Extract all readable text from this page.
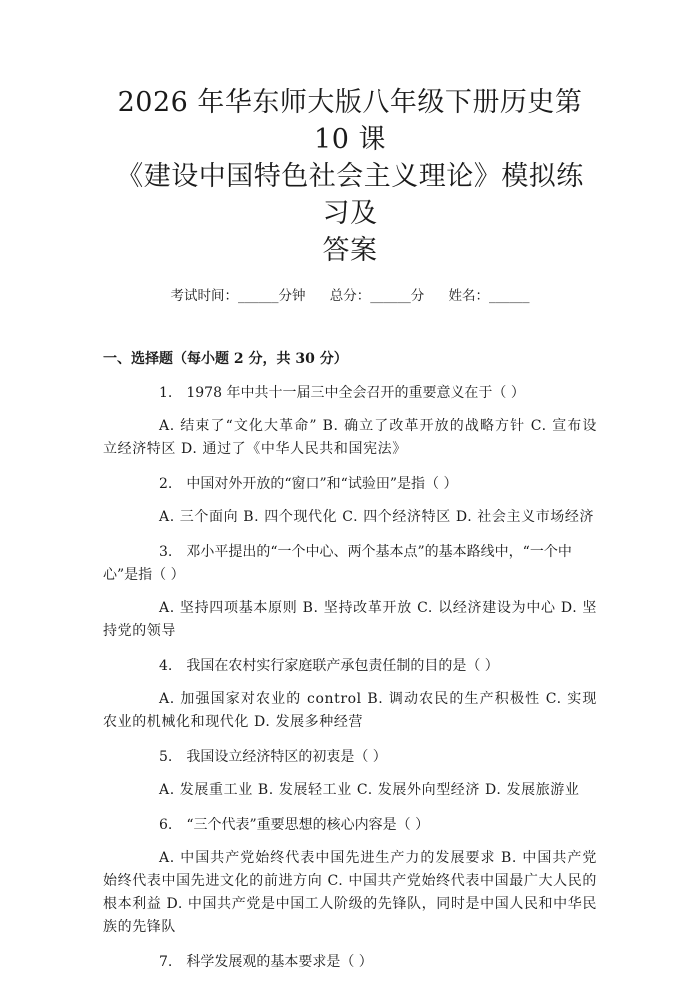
2026 年华东师大版八年级下册历史第 10 课
《建设中国特色社会主义理论》模拟练习及
答案
考试时间：______分钟 总分：______分 姓名：______
一、选择题（每小题 2 分，共 30 分）
1. 1978 年中共十一届三中全会召开的重要意义在于（ ）
A. 结束了“文化大革命” B. 确立了改革开放的战略方针 C. 宣布设立经济特区 D. 通过了《中华人民共和国宪法》
2. 中国对外开放的“窗口”和“试验田”是指（ ）
A. 三个面向 B. 四个现代化 C. 四个经济特区 D. 社会主义市场经济
3. 邓小平提出的“一个中心、两个基本点”的基本路线中，“一个中心”是指（ ）
A. 坚持四项基本原则 B. 坚持改革开放 C. 以经济建设为中心 D. 坚持党的领导
4. 我国在农村实行家庭联产承包责任制的目的是（ ）
A. 加强国家对农业的 control B. 调动农民的生产积极性 C. 实现农业的机械化和现代化 D. 发展多种经营
5. 我国设立经济特区的初衷是（ ）
A. 发展重工业 B. 发展轻工业 C. 发展外向型经济 D. 发展旅游业
6. “三个代表”重要思想的核心内容是（ ）
A. 中国共产党始终代表中国先进生产力的发展要求 B. 中国共产党始终代表中国先进文化的前进方向 C. 中国共产党始终代表中国最广大人民的根本利益 D. 中国共产党是中国工人阶级的先锋队，同时是中国人民和中华民族的先锋队
7. 科学发展观的基本要求是（ ）
